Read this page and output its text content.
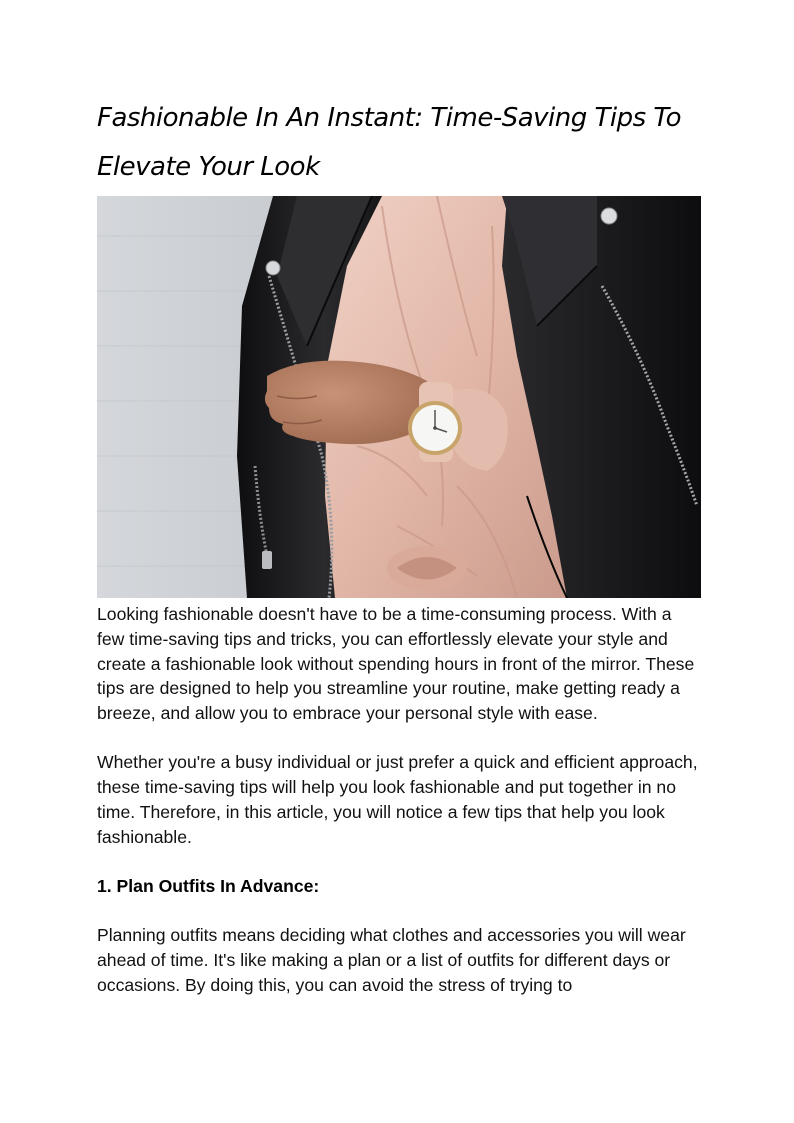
Fashionable In An Instant: Time-Saving Tips To Elevate Your Look

Looking fashionable doesn't have to be a time-consuming process. With a few time-saving tips and tricks, you can effortlessly elevate your style and create a fashionable look without spending hours in front of the mirror. These tips are designed to help you streamline your routine, make getting ready a breeze, and allow you to embrace your personal style with ease.

Whether you're a busy individual or just prefer a quick and efficient approach, these time-saving tips will help you look fashionable and put together in no time. Therefore, in this article, you will notice a few tips that help you look fashionable.

1. Plan Outfits In Advance:

Planning outfits means deciding what clothes and accessories you will wear ahead of time. It's like making a plan or a list of outfits for different days or occasions. By doing this, you can avoid the stress of trying to
